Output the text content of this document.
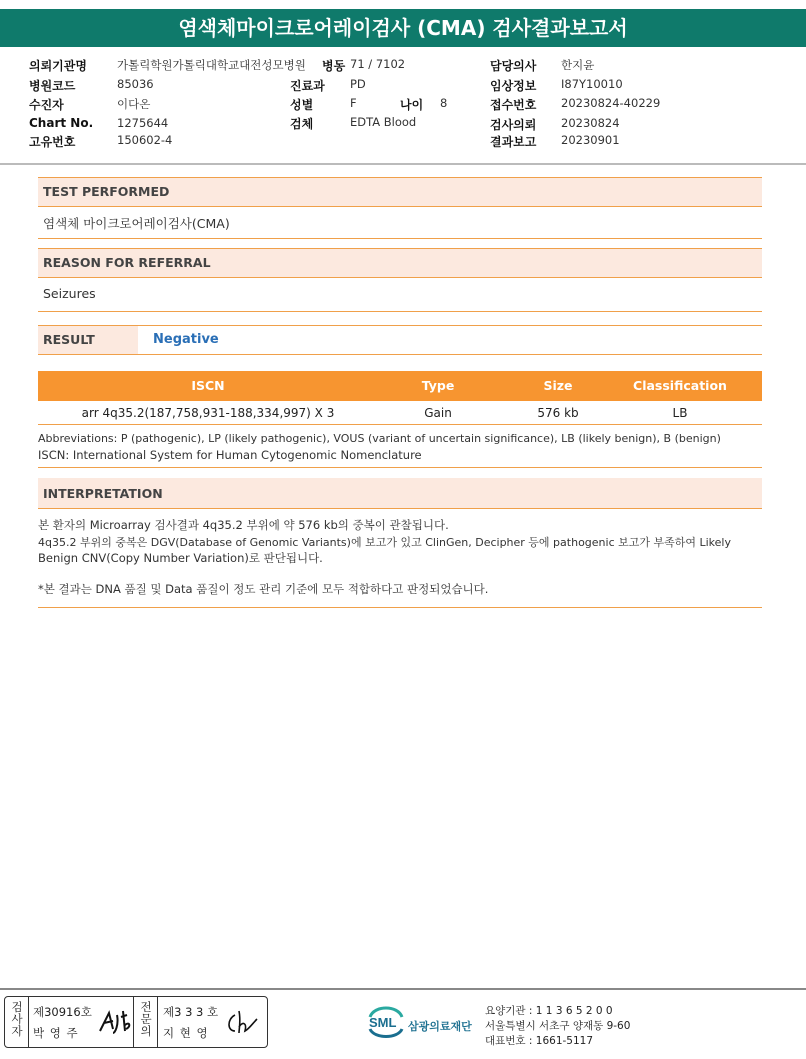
염색체마이크로어레이검사 (CMA) 검사결과보고서
의뢰기관명	가톨릭학원가톨릭대학교대전성모병원	병동 71 / 7102	담당의사 한지윤
병원코드	85036	진료과 PD	임상정보 I87Y10010
수진자	이다온	성별	F	나이 8	접수번호 20230824-40229
Chart No. 1275644	검체	EDTA Blood	검사의뢰 20230824
고유번호	150602-4	결과보고 20230901
TEST PERFORMED
염색체 마이크로어레이검사(CMA)
REASON FOR REFERRAL
Seizures
RESULT	Negative
ISCN	Type	Size	Classification
arr 4q35.2(187,758,931-188,334,997) X 3	Gain	576 kb	LB
Abbreviations: P (pathogenic), LP (likely pathogenic), VOUS (variant of uncertain significance), LB (likely benign), B (benign)
ISCN: International System for Human Cytogenomic Nomenclature
INTERPRETATION
본 환자의 Microarray 검사결과 4q35.2 부위에 약 576 kb의 중복이 관찰됩니다.
4q35.2 부위의 중복은 DGV(Database of Genomic Variants)에 보고가 있고 ClinGen, Decipher 등에 pathogenic 보고가 부족하여 Likely
Benign CNV(Copy Number Variation)로 판단됩니다.
*본 결과는 DNA 품질 및 Data 품질이 정도 관리 기준에 모두 적합하다고 판정되었습니다.
검사자
제30916호
박 영 주
전문의
제3 3 3 호
지 현 영
SML 삼광의료재단
요양기관 : 1 1 3 6 5 2 0 0
서울특별시 서초구 양재동 9-60
대표번호 : 1661-5117
